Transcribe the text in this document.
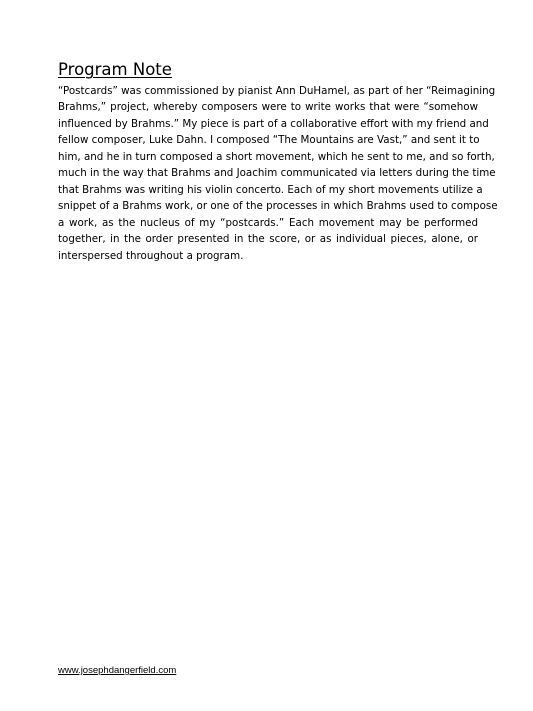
Program Note
“Postcards” was commissioned by pianist Ann DuHamel, as part of her “Reimagining
Brahms,” project, whereby composers were to write works that were “somehow
influenced by Brahms.” My piece is part of a collaborative effort with my friend and
fellow composer, Luke Dahn. I composed “The Mountains are Vast,” and sent it to
him, and he in turn composed a short movement, which he sent to me, and so forth,
much in the way that Brahms and Joachim communicated via letters during the time
that Brahms was writing his violin concerto. Each of my short movements utilize a
snippet of a Brahms work, or one of the processes in which Brahms used to compose
a work, as the nucleus of my “postcards.” Each movement may be performed
together, in the order presented in the score, or as individual pieces, alone, or
interspersed throughout a program.
www.josephdangerfield.com
